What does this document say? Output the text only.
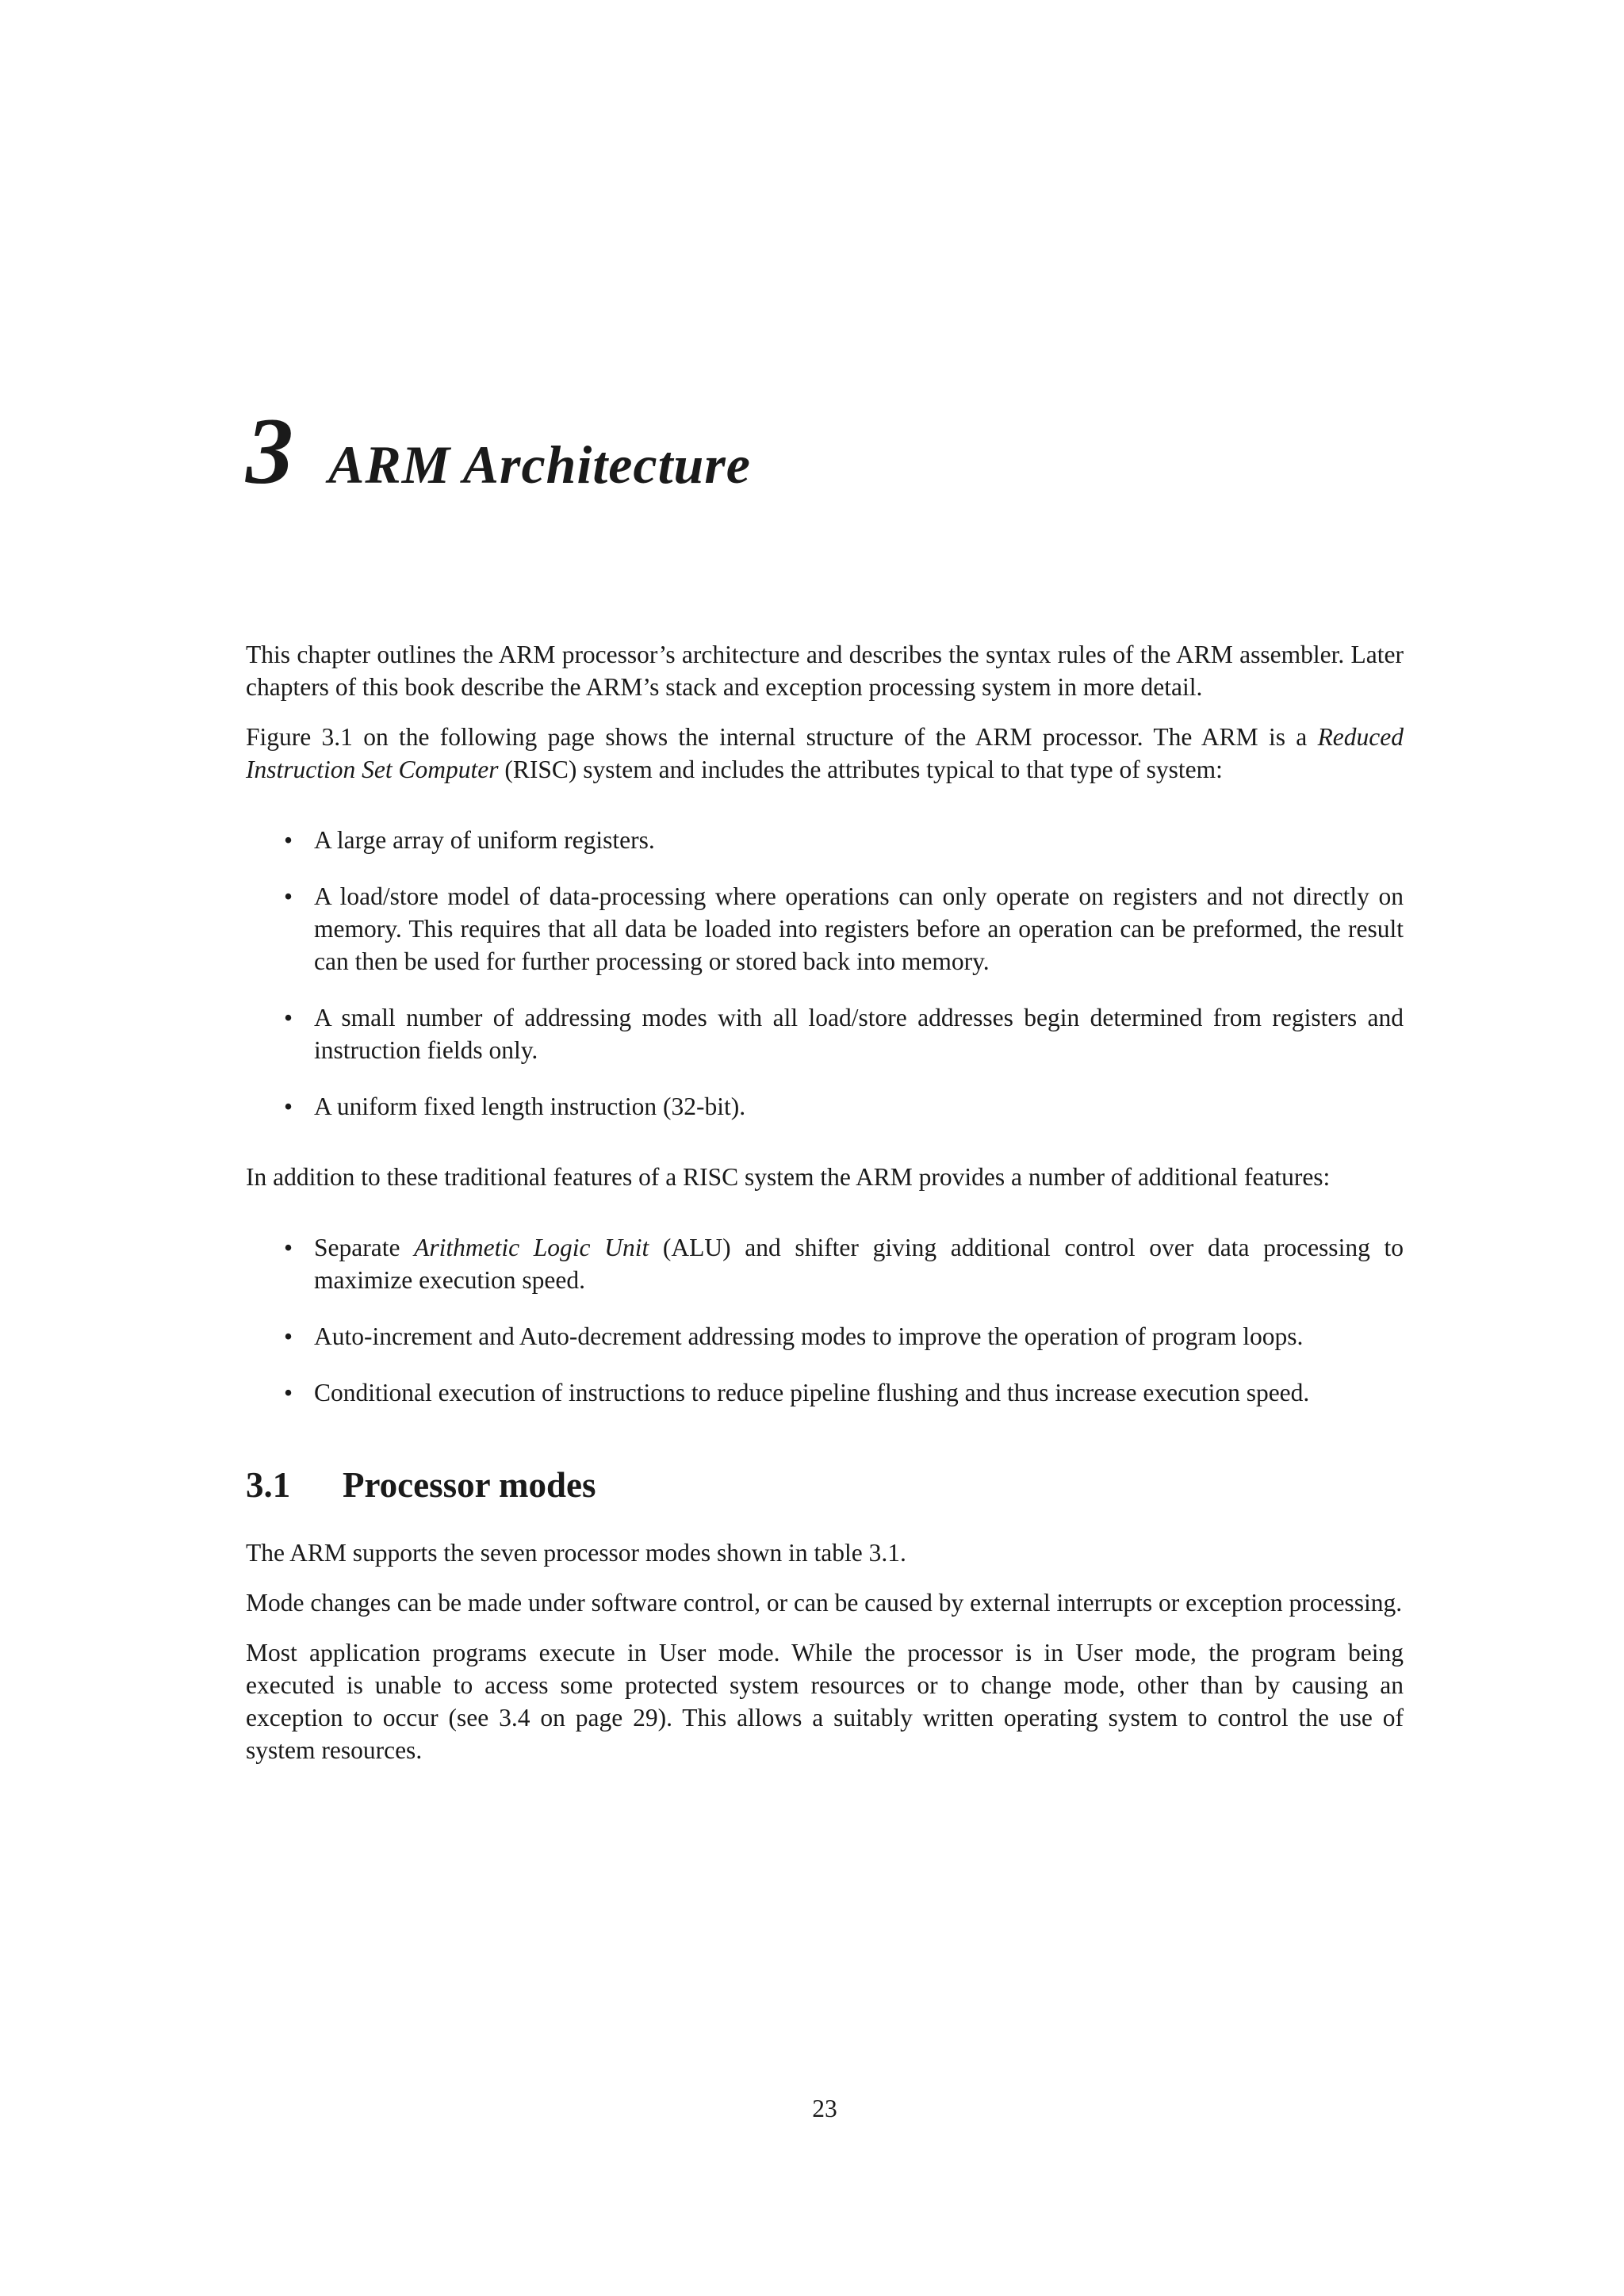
3 ARM Architecture

This chapter outlines the ARM processor’s architecture and describes the syntax rules of the ARM assembler. Later chapters of this book describe the ARM’s stack and exception processing system in more detail.

Figure 3.1 on the following page shows the internal structure of the ARM processor. The ARM is a Reduced Instruction Set Computer (RISC) system and includes the attributes typical to that type of system:

• A large array of uniform registers.
• A load/store model of data-processing where operations can only operate on registers and not directly on memory. This requires that all data be loaded into registers before an operation can be preformed, the result can then be used for further processing or stored back into memory.
• A small number of addressing modes with all load/store addresses begin determined from registers and instruction fields only.
• A uniform fixed length instruction (32-bit).

In addition to these traditional features of a RISC system the ARM provides a number of additional features:

• Separate Arithmetic Logic Unit (ALU) and shifter giving additional control over data processing to maximize execution speed.
• Auto-increment and Auto-decrement addressing modes to improve the operation of program loops.
• Conditional execution of instructions to reduce pipeline flushing and thus increase execution speed.
3.1 Processor modes

The ARM supports the seven processor modes shown in table 3.1.

Mode changes can be made under software control, or can be caused by external interrupts or exception processing.

Most application programs execute in User mode. While the processor is in User mode, the program being executed is unable to access some protected system resources or to change mode, other than by causing an exception to occur (see 3.4 on page 29). This allows a suitably written operating system to control the use of system resources.

23
